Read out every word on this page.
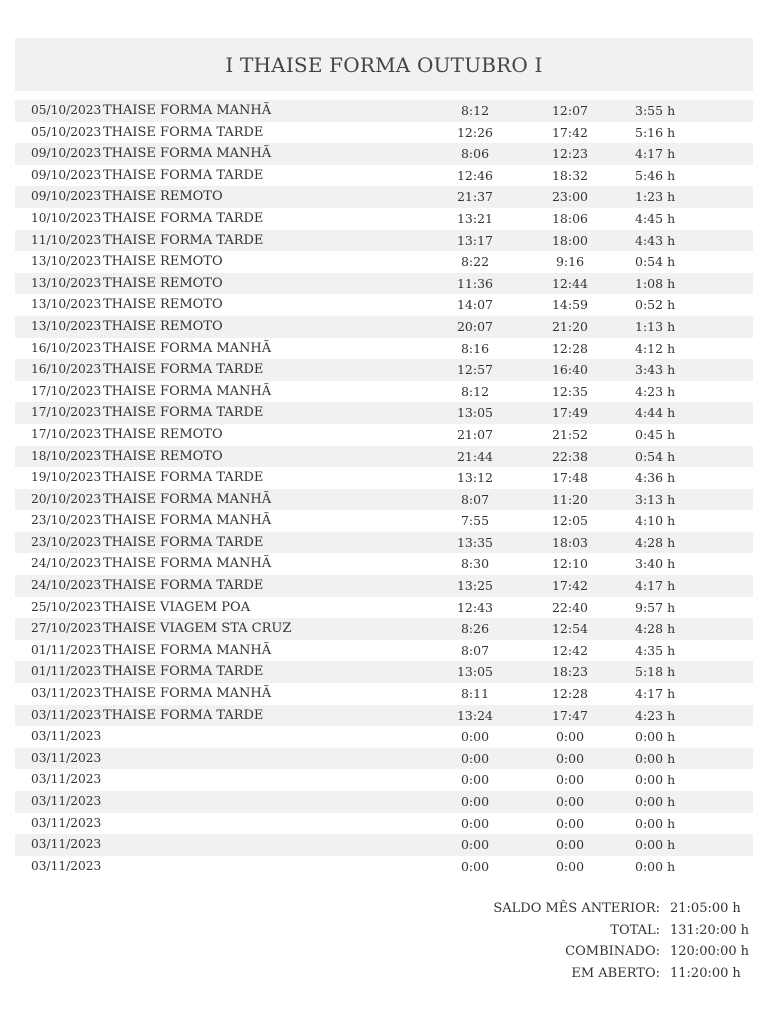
I THAISE FORMA OUTUBRO I
05/10/2023 THAISE FORMA MANHÃ	8:12	12:07	3:55 h
05/10/2023 THAISE FORMA TARDE	12:26	17:42	5:16 h
09/10/2023 THAISE FORMA MANHÃ	8:06	12:23	4:17 h
09/10/2023 THAISE FORMA TARDE	12:46	18:32	5:46 h
09/10/2023 THAISE REMOTO	21:37	23:00	1:23 h
10/10/2023 THAISE FORMA TARDE	13:21	18:06	4:45 h
11/10/2023 THAISE FORMA TARDE	13:17	18:00	4:43 h
13/10/2023 THAISE REMOTO	8:22	9:16	0:54 h
13/10/2023 THAISE REMOTO	11:36	12:44	1:08 h
13/10/2023 THAISE REMOTO	14:07	14:59	0:52 h
13/10/2023 THAISE REMOTO	20:07	21:20	1:13 h
16/10/2023 THAISE FORMA MANHÃ	8:16	12:28	4:12 h
16/10/2023 THAISE FORMA TARDE	12:57	16:40	3:43 h
17/10/2023 THAISE FORMA MANHÃ	8:12	12:35	4:23 h
17/10/2023 THAISE FORMA TARDE	13:05	17:49	4:44 h
17/10/2023 THAISE REMOTO	21:07	21:52	0:45 h
18/10/2023 THAISE REMOTO	21:44	22:38	0:54 h
19/10/2023 THAISE FORMA TARDE	13:12	17:48	4:36 h
20/10/2023 THAISE FORMA MANHÃ	8:07	11:20	3:13 h
23/10/2023 THAISE FORMA MANHÃ	7:55	12:05	4:10 h
23/10/2023 THAISE FORMA TARDE	13:35	18:03	4:28 h
24/10/2023 THAISE FORMA MANHÃ	8:30	12:10	3:40 h
24/10/2023 THAISE FORMA TARDE	13:25	17:42	4:17 h
25/10/2023 THAISE VIAGEM POA	12:43	22:40	9:57 h
27/10/2023 THAISE VIAGEM STA CRUZ	8:26	12:54	4:28 h
01/11/2023 THAISE FORMA MANHÃ	8:07	12:42	4:35 h
01/11/2023 THAISE FORMA TARDE	13:05	18:23	5:18 h
03/11/2023 THAISE FORMA MANHÃ	8:11	12:28	4:17 h
03/11/2023 THAISE FORMA TARDE	13:24	17:47	4:23 h
03/11/2023	0:00	0:00	0:00 h
03/11/2023	0:00	0:00	0:00 h
03/11/2023	0:00	0:00	0:00 h
03/11/2023	0:00	0:00	0:00 h
03/11/2023	0:00	0:00	0:00 h
03/11/2023	0:00	0:00	0:00 h
03/11/2023	0:00	0:00	0:00 h
SALDO MÊS ANTERIOR: 21:05:00 h
TOTAL: 131:20:00 h
COMBINADO: 120:00:00 h
EM ABERTO: 11:20:00 h
